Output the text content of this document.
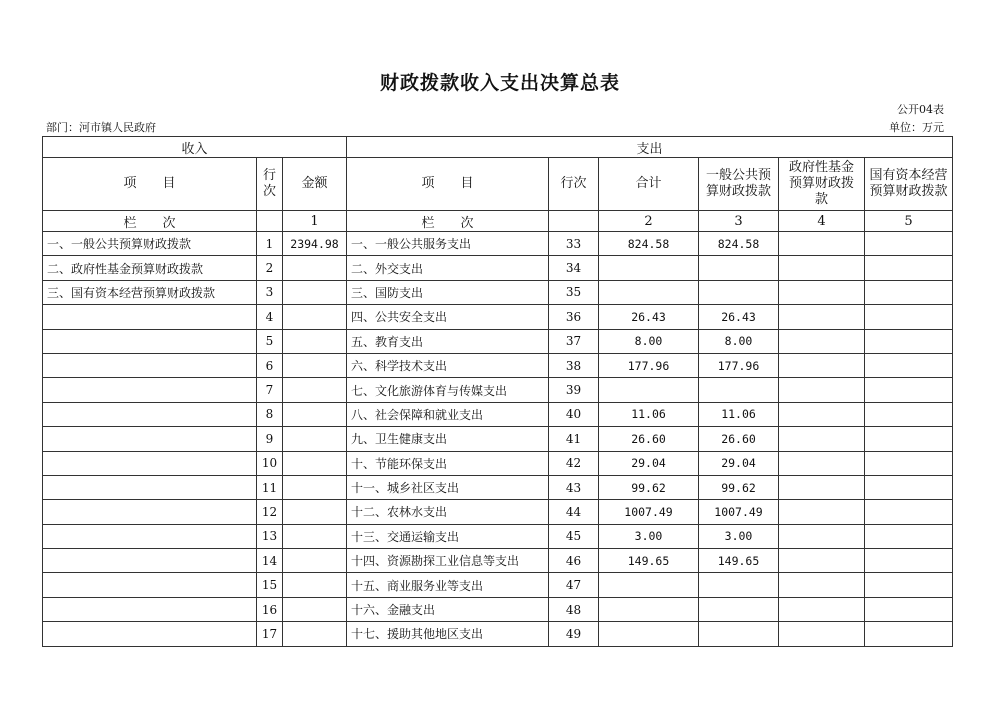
财政拨款收入支出决算总表
公开04表
部门：河市镇人民政府	单位：万元
收入			支出					
项　　目	行次	金额	项　　目	行次	合计	一般公共预算财政拨款	政府性基金预算财政拨款	国有资本经营预算财政拨款
栏　　次		1	栏　　次		2	3	4	5
一、一般公共预算财政拨款	1	2394.98	一、一般公共服务支出	33	824.58	824.58		
二、政府性基金预算财政拨款	2		二、外交支出	34				
三、国有资本经营预算财政拨款	3		三、国防支出	35				
	4		四、公共安全支出	36	26.43	26.43		
	5		五、教育支出	37	8.00	8.00		
	6		六、科学技术支出	38	177.96	177.96		
	7		七、文化旅游体育与传媒支出	39				
	8		八、社会保障和就业支出	40	11.06	11.06		
	9		九、卫生健康支出	41	26.60	26.60		
	10		十、节能环保支出	42	29.04	29.04		
	11		十一、城乡社区支出	43	99.62	99.62		
	12		十二、农林水支出	44	1007.49	1007.49		
	13		十三、交通运输支出	45	3.00	3.00		
	14		十四、资源勘探工业信息等支出	46	149.65	149.65		
	15		十五、商业服务业等支出	47				
	16		十六、金融支出	48				
	17		十七、援助其他地区支出	49				
